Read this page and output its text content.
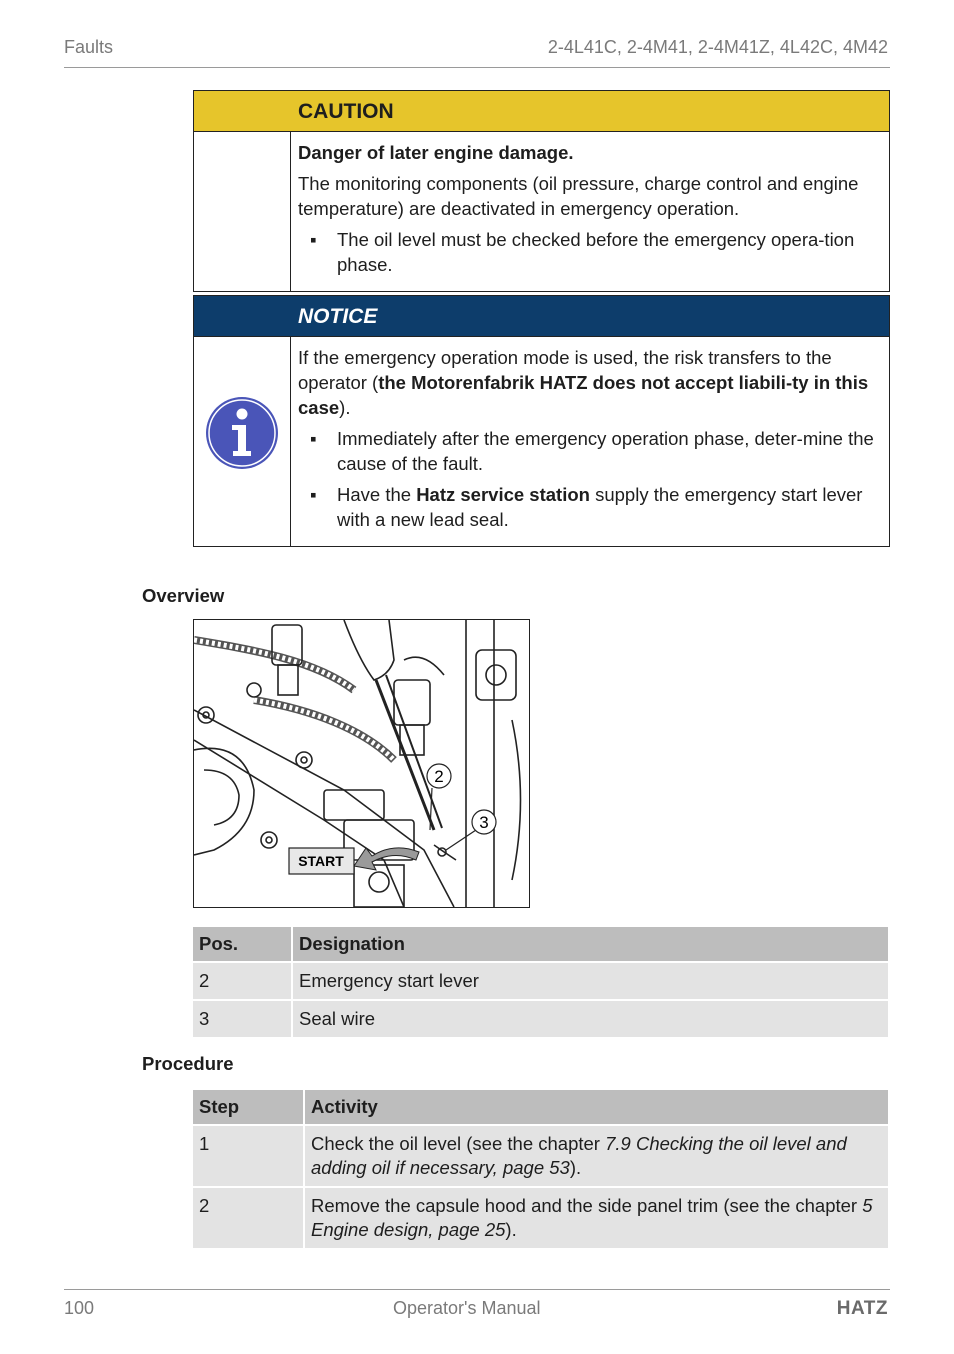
Faults	2-4L41C, 2-4M41, 2-4M41Z, 4L42C, 4M42
CAUTION

Danger of later engine damage.

The monitoring components (oil pressure, charge control and engine temperature) are deactivated in emergency operation.

▪	The oil level must be checked before the emergency opera-tion phase.
NOTICE

If the emergency operation mode is used, the risk transfers to the operator (the Motorenfabrik HATZ does not accept liabili-ty in this case).

▪	Immediately after the emergency operation phase, deter-mine the cause of the fault.
▪	Have the Hatz service station supply the emergency start lever with a new lead seal.
Overview
2
3
START
Pos.	Designation
2	Emergency start lever
3	Seal wire
Procedure
Step	Activity
1	Check the oil level (see the chapter 7.9 Checking the oil level and adding oil if necessary, page 53).
2	Remove the capsule hood and the side panel trim (see the chapter 5 Engine design, page 25).
100	Operator's Manual	HATZ
